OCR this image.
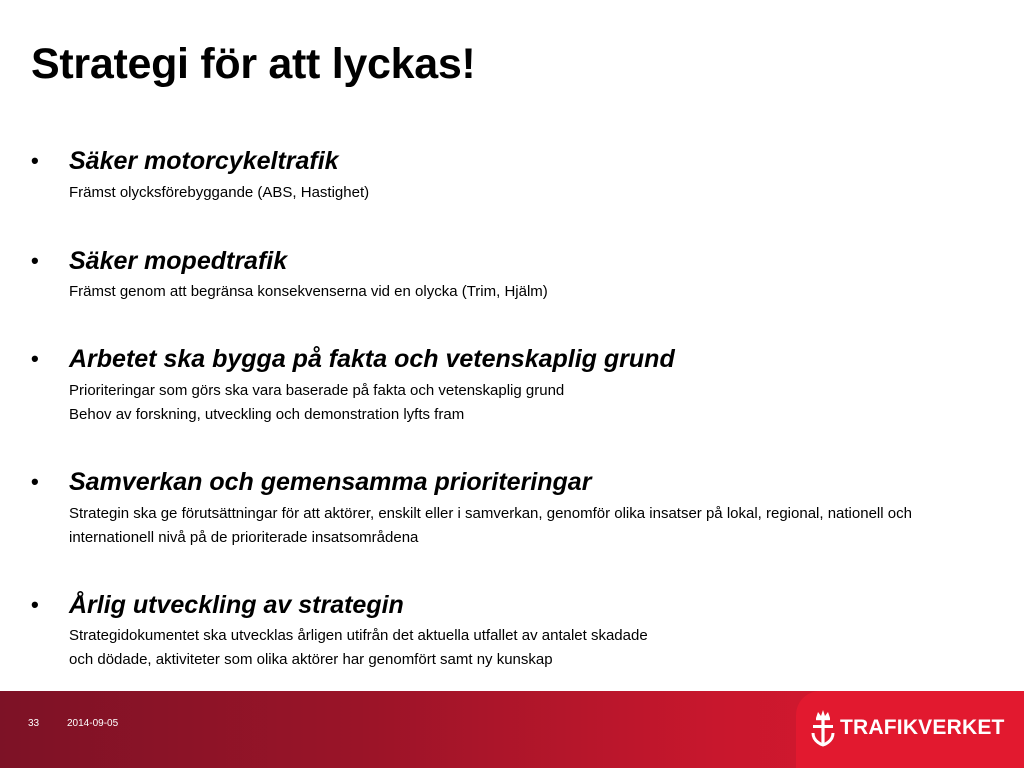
Strategi för att lyckas!
• Säker motorcykeltrafik
Främst olycksförebyggande (ABS, Hastighet)
• Säker mopedtrafik
Främst genom att begränsa konsekvenserna vid en olycka (Trim, Hjälm)
• Arbetet ska bygga på fakta och vetenskaplig grund
Prioriteringar som görs ska vara baserade på fakta och vetenskaplig grund
Behov av forskning, utveckling och demonstration lyfts fram
• Samverkan och gemensamma prioriteringar
Strategin ska ge förutsättningar för att aktörer, enskilt eller i samverkan, genomför olika insatser på lokal, regional, nationell och
internationell nivå på de prioriterade insatsområdena
• Årlig utveckling av strategin
Strategidokumentet ska utvecklas årligen utifrån det aktuella utfallet av antalet skadade
och dödade, aktiviteter som olika aktörer har genomfört samt ny kunskap
33	2014-09-05	TRAFIKVERKET
